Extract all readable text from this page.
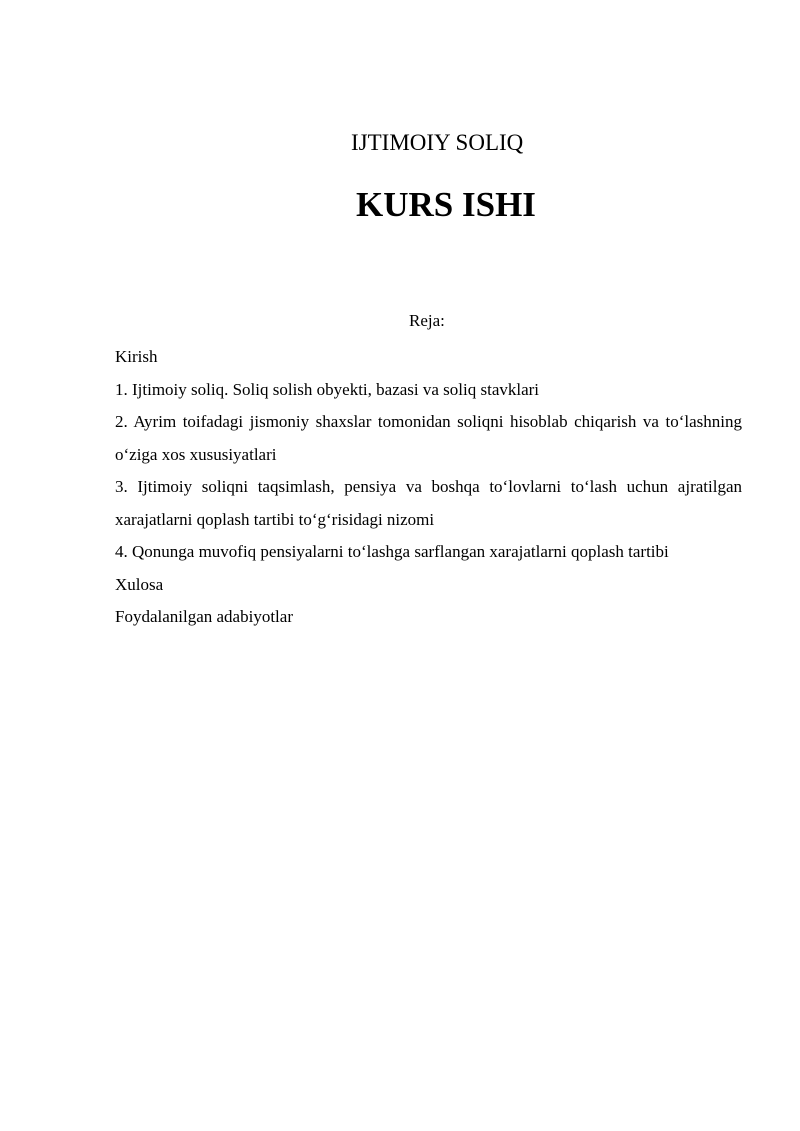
IJTIMOIY SOLIQ
KURS ISHI
Reja:

Kirish

1. Ijtimoiy soliq. Soliq solish obyekti, bazasi va soliq stavklari

2. Ayrim toifadagi jismoniy shaxslar tomonidan soliqni hisoblab chiqarish va to‘lashning o‘ziga xos xususiyatlari

3. Ijtimoiy soliqni taqsimlash, pensiya va boshqa to‘lovlarni to‘lash uchun ajratilgan xarajatlarni qoplash tartibi to‘g‘risidagi nizomi

4. Qonunga muvofiq pensiyalarni to‘lashga sarflangan xarajatlarni qoplash tartibi

Xulosa

Foydalanilgan adabiyotlar
